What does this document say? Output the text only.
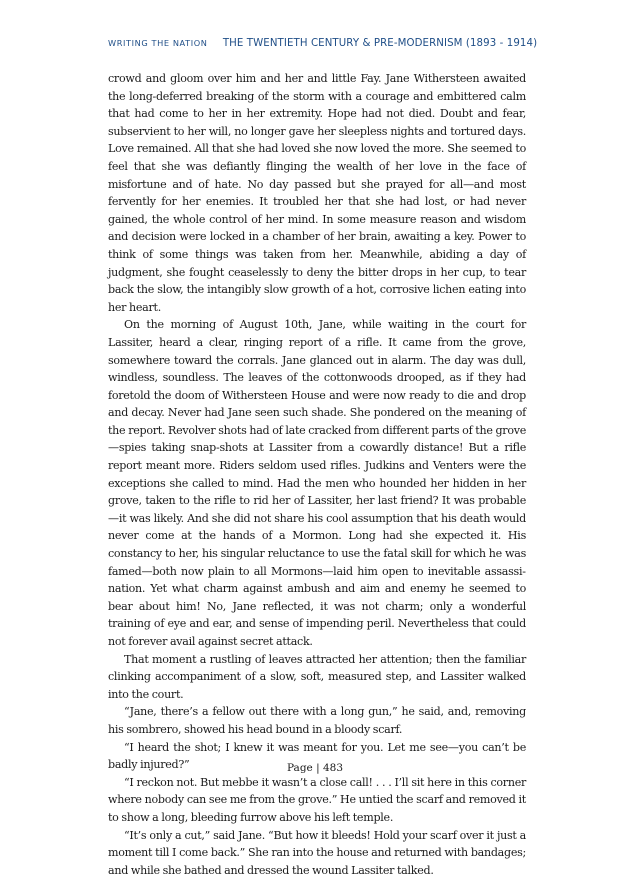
WRITING THE NATION THE TWENTIETH CENTURY & PRE-MODERNISM (1893 - 1914)

crowd and gloom over him and her and little Fay. Jane Withersteen awaited the long-deferred breaking of the storm with a courage and embittered calm that had come to her in her extremity. Hope had not died. Doubt and fear, subservient to her will, no longer gave her sleepless nights and tortured days. Love remained. All that she had loved she now loved the more. She seemed to feel that she was defiantly flinging the wealth of her love in the face of misfortune and of hate. No day passed but she prayed for all—and most fervently for her enemies. It troubled her that she had lost, or had never gained, the whole control of her mind. In some measure reason and wisdom and decision were locked in a chamber of her brain, awaiting a key. Power to think of some things was taken from her. Meanwhile, abiding a day of judgment, she fought ceaselessly to deny the bitter drops in her cup, to tear back the slow, the intangibly slow growth of a hot, corrosive lichen eating into her heart.

On the morning of August 10th, Jane, while waiting in the court for Lassiter, heard a clear, ringing report of a rifle. It came from the grove, somewhere toward the corrals. Jane glanced out in alarm. The day was dull, windless, soundless. The leaves of the cottonwoods drooped, as if they had foretold the doom of Withersteen House and were now ready to die and drop and decay. Never had Jane seen such shade. She pondered on the meaning of the report. Revolver shots had of late cracked from different parts of the grove—spies taking snap-shots at Lassiter from a cowardly distance! But a rifle report meant more. Riders seldom used rifles. Judkins and Venters were the exceptions she called to mind. Had the men who hounded her hidden in her grove, taken to the rifle to rid her of Lassiter, her last friend? It was probable—it was likely. And she did not share his cool assumption that his death would never come at the hands of a Mormon. Long had she expected it. His constancy to her, his singular reluctance to use the fatal skill for which he was famed—both now plain to all Mormons—laid him open to inevitable assassination. Yet what charm against ambush and aim and enemy he seemed to bear about him! No, Jane reflected, it was not charm; only a wonderful training of eye and ear, and sense of impending peril. Nevertheless that could not forever avail against secret attack.

That moment a rustling of leaves attracted her attention; then the familiar clinking accompaniment of a slow, soft, measured step, and Lassiter walked into the court.

“Jane, there’s a fellow out there with a long gun,” he said, and, removing his sombrero, showed his head bound in a bloody scarf.

“I heard the shot; I knew it was meant for you. Let me see—you can’t be badly injured?”

“I reckon not. But mebbe it wasn’t a close call! . . . I’ll sit here in this corner where nobody can see me from the grove.” He untied the scarf and removed it to show a long, bleeding furrow above his left temple.

“It’s only a cut,” said Jane. “But how it bleeds! Hold your scarf over it just a moment till I come back.” She ran into the house and returned with bandages; and while she bathed and dressed the wound Lassiter talked.

Page | 483
